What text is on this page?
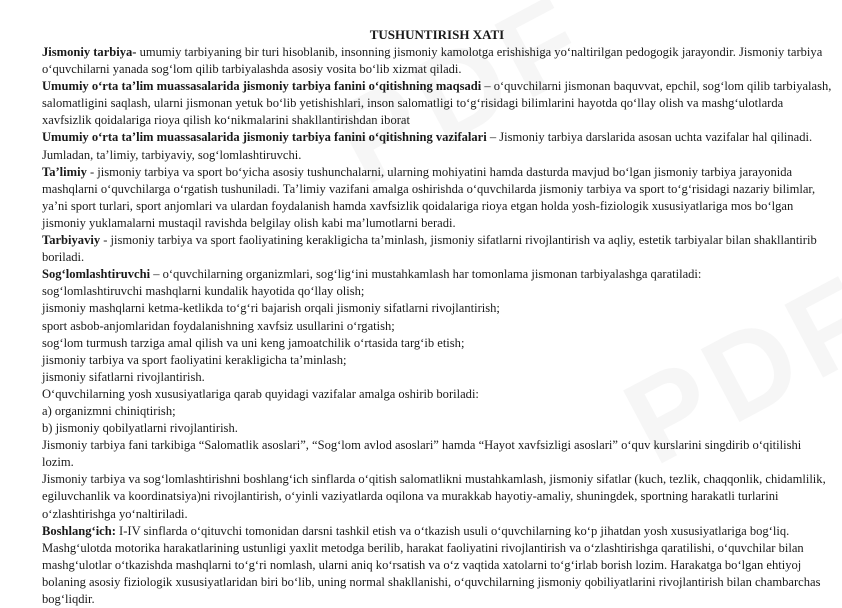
TUSHUNTIRISH XATI

Jismoniy tarbiya- umumiy tarbiyaning bir turi hisoblanib, insonning jismoniy kamolotga erishishiga yo‘naltirilgan pedogogik jarayondir. Jismoniy tarbiya o‘quvchilarni yanada sog‘lom qilib tarbiyalashda asosiy vosita bo‘lib xizmat qiladi.

Umumiy o‘rta ta’lim muassasalarida jismoniy tarbiya fanini o‘qitishning maqsadi – o‘quvchilarni jismonan baquvvat, epchil, sog‘lom qilib tarbiyalash, salomatligini saqlash, ularni jismonan yetuk bo‘lib yetishishlari, inson salomatligi to‘g‘risidagi bilimlarini hayotda qo‘llay olish va mashg‘ulotlarda xavfsizlik qoidalariga rioya qilish ko‘nikmalarini shakllantirishdan iborat

Umumiy o‘rta ta’lim muassasalarida jismoniy tarbiya fanini o‘qitishning vazifalari – Jismoniy tarbiya darslarida asosan uchta vazifalar hal qilinadi. Jumladan, ta’limiy, tarbiyaviy, sog‘lomlashtiruvchi.

Ta’limiy - jismoniy tarbiya va sport bo‘yicha asosiy tushunchalarni, ularning mohiyatini hamda dasturda mavjud bo‘lgan jismoniy tarbiya jarayonida mashqlarni o‘quvchilarga o‘rgatish tushuniladi. Ta’limiy vazifani amalga oshirishda o‘quvchilarda jismoniy tarbiya va sport to‘g‘risidagi nazariy bilimlar, ya’ni sport turlari, sport anjomlari va ulardan foydalanish hamda xavfsizlik qoidalariga rioya etgan holda yosh-fiziologik xususiyatlariga mos bo‘lgan jismoniy yuklamalarni mustaqil ravishda belgilay olish kabi ma’lumotlarni beradi.

Tarbiyaviy - jismoniy tarbiya va sport faoliyatining kerakligicha ta’minlash, jismoniy sifatlarni rivojlantirish va aqliy, estetik tarbiyalar bilan shakllantirib boriladi.

Sog‘lomlashtiruvchi – o‘quvchilarning organizmlari, sog‘lig‘ini mustahkamlash har tomonlama jismonan tarbiyalashga qaratiladi:

sog‘lomlashtiruvchi mashqlarni kundalik hayotida qo‘llay olish;

jismoniy mashqlarni ketma-ketlikda to‘g‘ri bajarish orqali jismoniy sifatlarni rivojlantirish;

sport asbob-anjomlaridan foydalanishning xavfsiz usullarini o‘rgatish;

sog‘lom turmush tarziga amal qilish va uni keng jamoatchilik o‘rtasida targ‘ib etish;

jismoniy tarbiya va sport faoliyatini kerakligicha ta’minlash;

jismoniy sifatlarni rivojlantirish.

O‘quvchilarning yosh xususiyatlariga qarab quyidagi vazifalar amalga oshirib boriladi:

a) organizmni chiniqtirish;

b) jismoniy qobilyatlarni rivojlantirish.

Jismoniy tarbiya fani tarkibiga “Salomatlik asoslari”, “Sog‘lom avlod asoslari” hamda “Hayot xavfsizligi asoslari” o‘quv kurslarini singdirib o‘qitilishi lozim.

Jismoniy tarbiya va sog‘lomlashtirishni boshlang‘ich sinflarda o‘qitish salomatlikni mustahkamlash, jismoniy sifatlar (kuch, tezlik, chaqqonlik, chidamlilik, egiluvchanlik va koordinatsiya)ni rivojlantirish, o‘yinli vaziyatlarda oqilona va murakkab hayotiy-amaliy, shuningdek, sportning harakatli turlarini o‘zlashtirishga yo‘naltiriladi.

Boshlang‘ich: I-IV sinflarda o‘qituvchi tomonidan darsni tashkil etish va o‘tkazish usuli o‘quvchilarning ko‘p jihatdan yosh xususiyatlariga bog‘liq. Mashg‘ulotda motorika harakatlarining ustunligi yaxlit metodga berilib, harakat faoliyatini rivojlantirish va o‘zlashtirishga qaratilishi, o‘quvchilar bilan mashg‘ulotlar o‘tkazishda mashqlarni to‘g‘ri nomlash, ularni aniq ko‘rsatish va o‘z vaqtida xatolarni to‘g‘irlab borish lozim. Harakatga bo‘lgan ehtiyoj bolaning asosiy fiziologik xususiyatlaridan biri bo‘lib, uning normal shakllanishi, o‘quvchilarning jismoniy qobiliyatlarini rivojlantirish bilan chambarchas bog‘liqdir.
